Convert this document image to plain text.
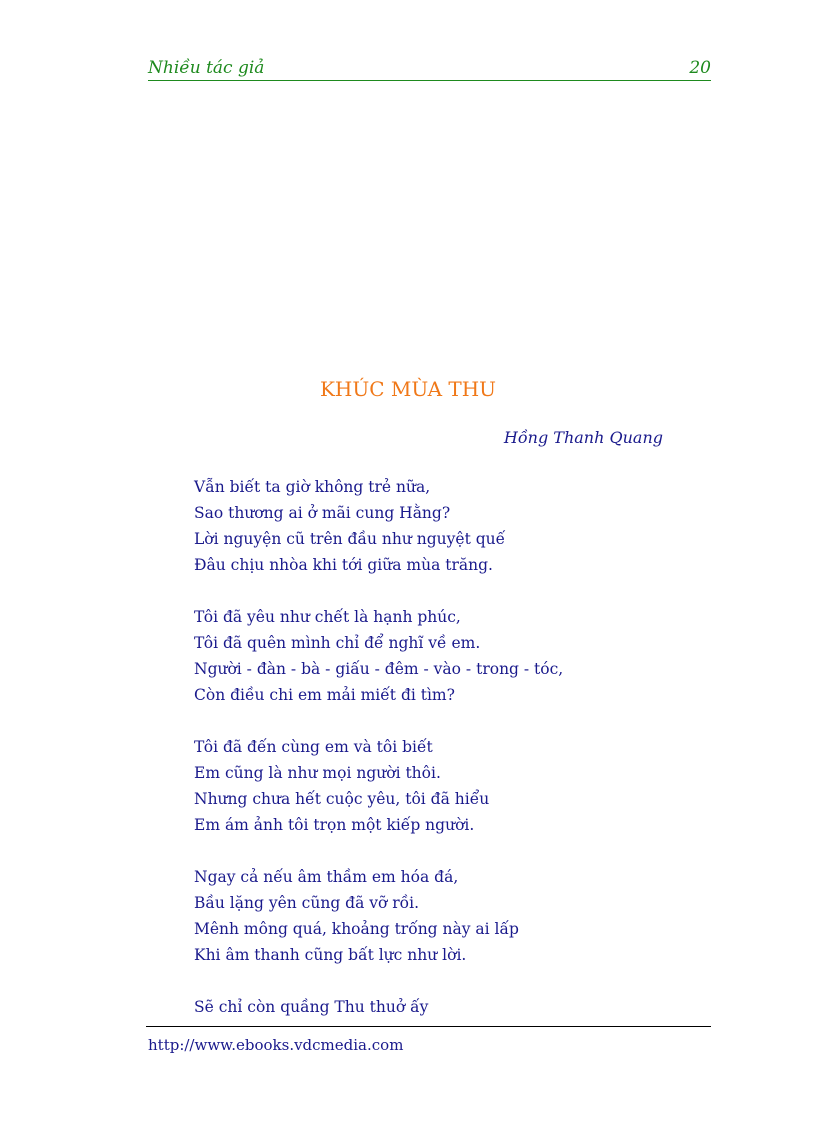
Nhiều tác giả	20
KHÚC MÙA THU
Hồng Thanh Quang
Vẫn biết ta giờ không trẻ nữa,
Sao thương ai ở mãi cung Hằng?
Lời nguyện cũ trên đầu như nguyệt quế
Đâu chịu nhòa khi tới giữa mùa trăng.
Tôi đã yêu như chết là hạnh phúc,
Tôi đã quên mình chỉ để nghĩ về em.
Người - đàn - bà - giấu - đêm - vào - trong - tóc,
Còn điều chi em mải miết đi tìm?
Tôi đã đến cùng em và tôi biết
Em cũng là như mọi người thôi.
Nhưng chưa hết cuộc yêu, tôi đã hiểu
Em ám ảnh tôi trọn một kiếp người.
Ngay cả nếu âm thầm em hóa đá,
Bầu lặng yên cũng đã vỡ rồi.
Mênh mông quá, khoảng trống này ai lấp
Khi âm thanh cũng bất lực như lời.
Sẽ chỉ còn quầng Thu thuở ấy
http://www.ebooks.vdcmedia.com
